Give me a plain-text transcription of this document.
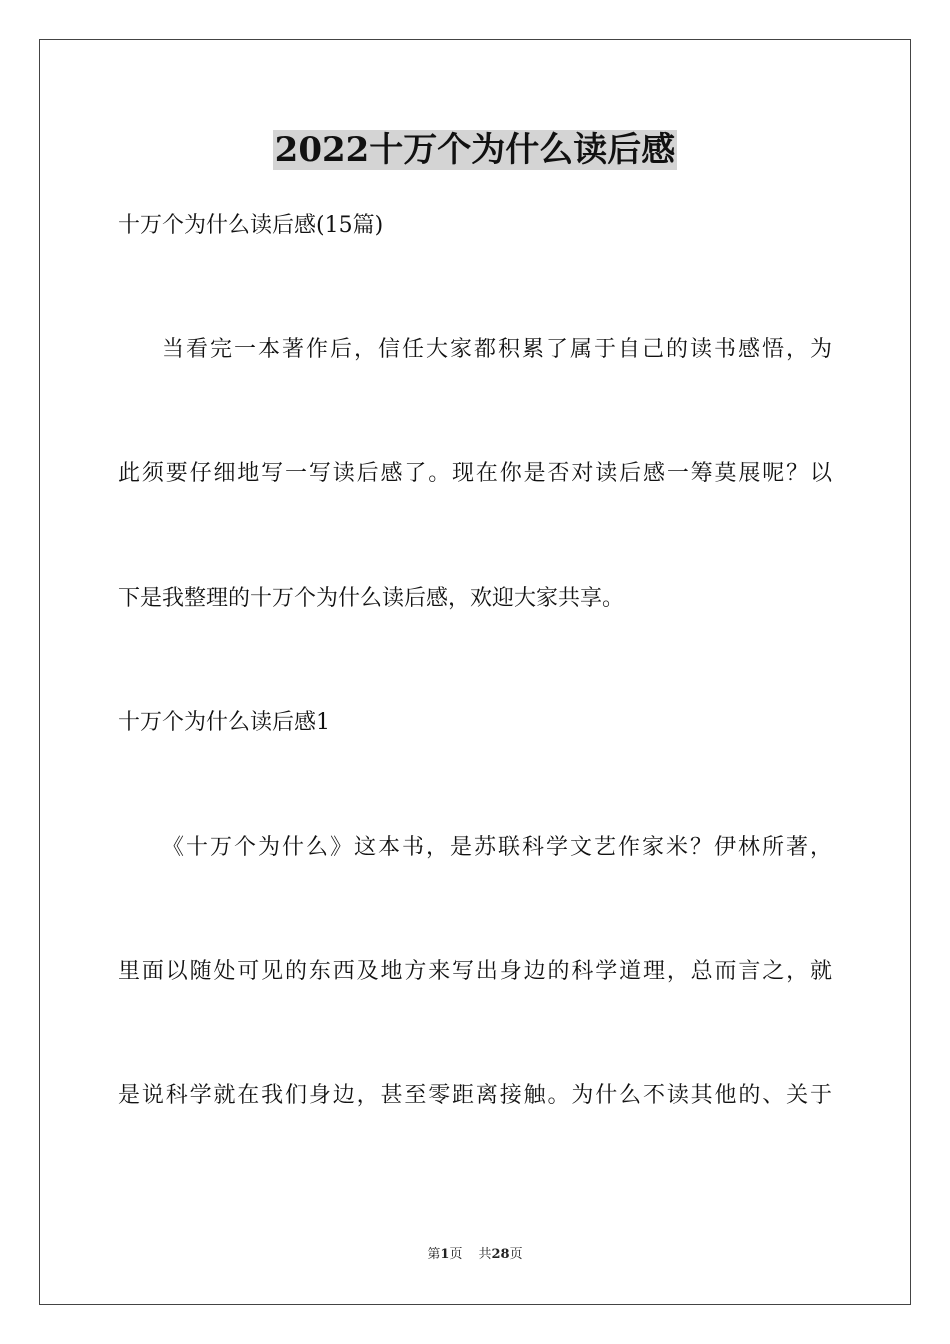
2022十万个为什么读后感
十万个为什么读后感(15篇)
当看完一本著作后，信任大家都积累了属于自己的读书感悟，为
此须要仔细地写一写读后感了。现在你是否对读后感一筹莫展呢？以
下是我整理的十万个为什么读后感，欢迎大家共享。
十万个为什么读后感1
《十万个为什么》这本书，是苏联科学文艺作家米？伊林所著，
里面以随处可见的东西及地方来写出身边的科学道理，总而言之，就
是说科学就在我们身边，甚至零距离接触。为什么不读其他的、关于
第1页 共28页
